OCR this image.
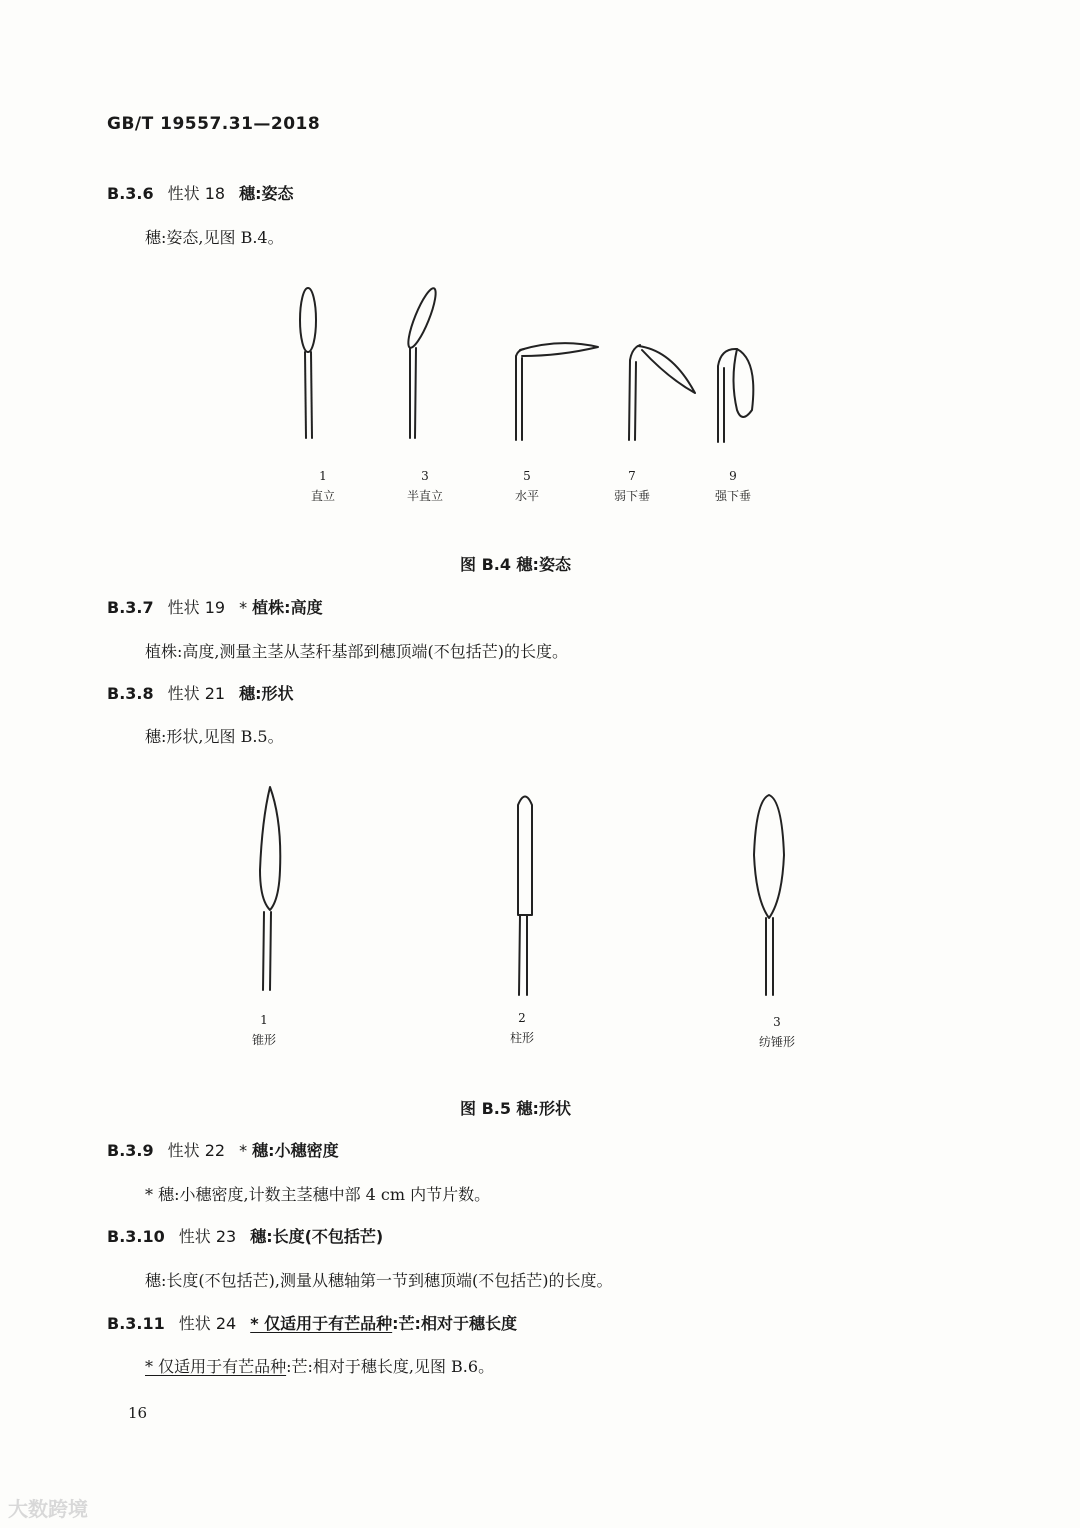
GB/T 19557.31—2018
B.3.6 性状 18 穗:姿态
穗:姿态,见图 B.4。
1
直立
3
半直立
5
水平
7
弱下垂
9
强下垂
图 B.4 穗:姿态
B.3.7 性状 19 * 植株:高度
植株:高度,测量主茎从茎秆基部到穗顶端(不包括芒)的长度。
B.3.8 性状 21 穗:形状
穗:形状,见图 B.5。
1
锥形
2
柱形
3
纺锤形
图 B.5 穗:形状
B.3.9 性状 22 * 穗:小穗密度
* 穗:小穗密度,计数主茎穗中部 4 cm 内节片数。
B.3.10 性状 23 穗:长度(不包括芒)
穗:长度(不包括芒),测量从穗轴第一节到穗顶端(不包括芒)的长度。
B.3.11 性状 24 * 仅适用于有芒品种:芒:相对于穗长度
* 仅适用于有芒品种:芒:相对于穗长度,见图 B.6。
16
大数跨境
